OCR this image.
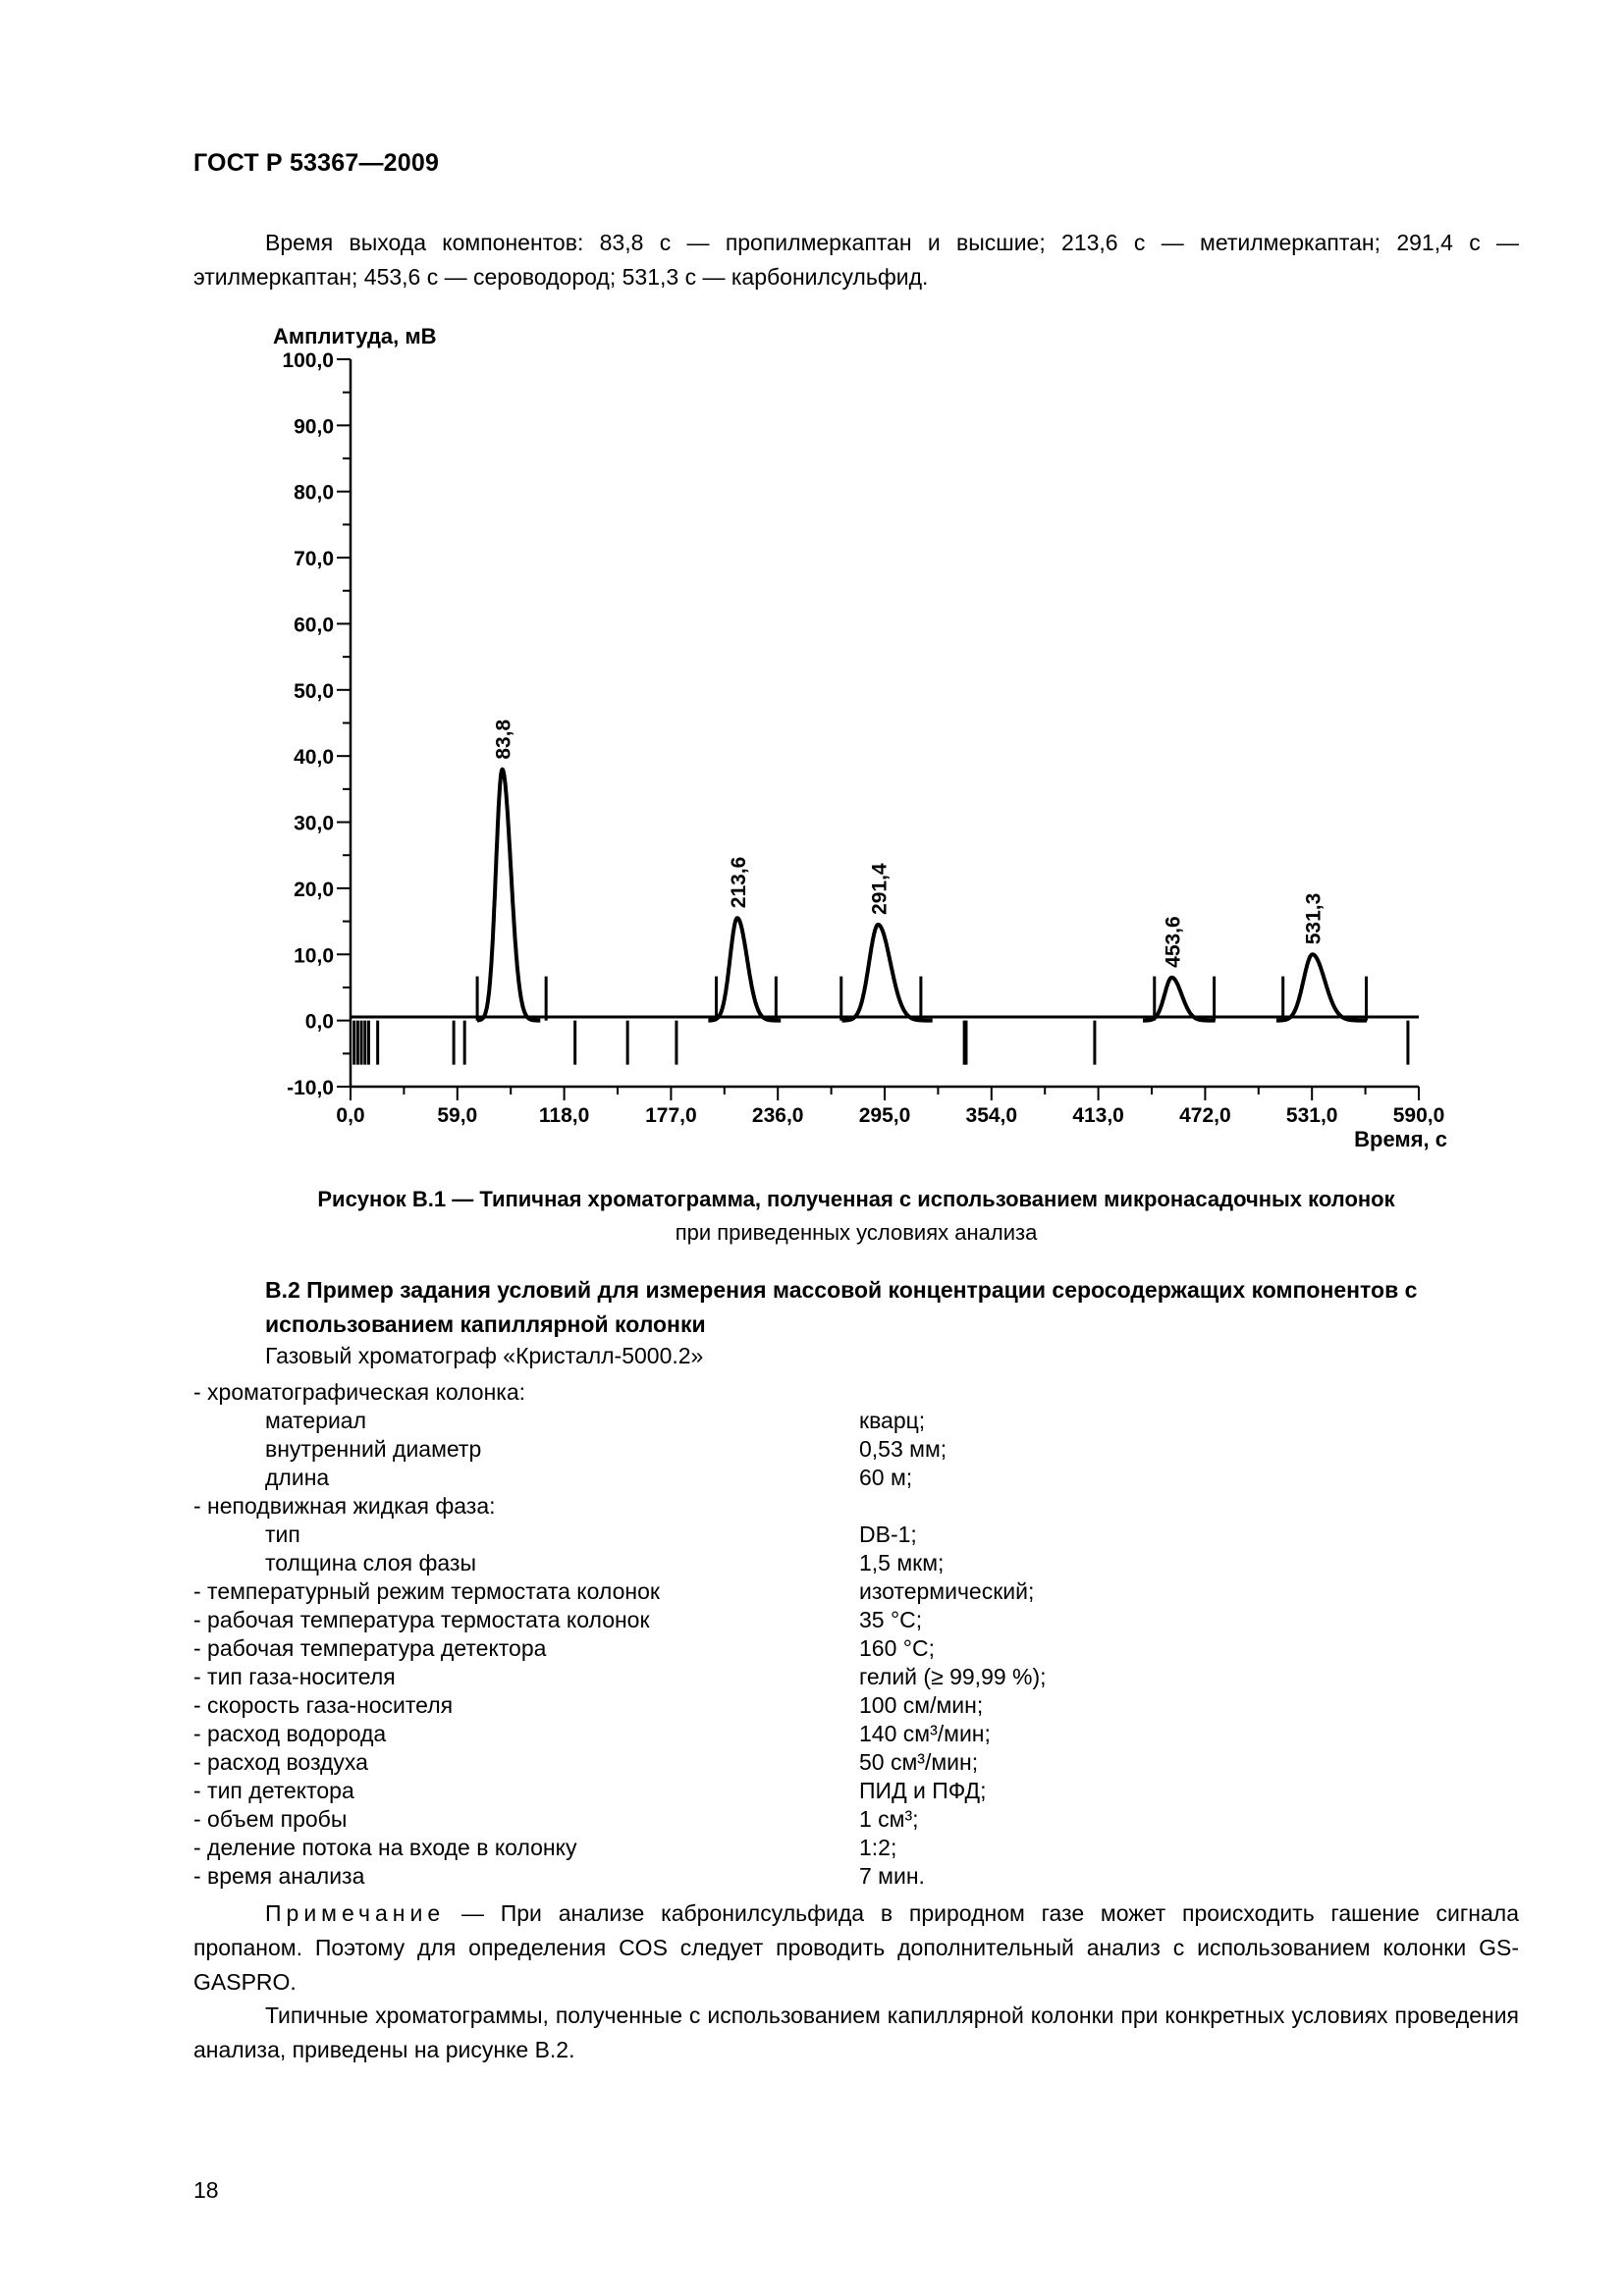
ГОСТ Р 53367—2009
Время выхода компонентов: 83,8 с — пропилмеркаптан и высшие; 213,6 с — метилмеркаптан; 291,4 с — этилмеркаптан; 453,6 с — сероводород; 531,3 с — карбонилсульфид.
Амплитуда, мВ
Время, с
100,0
90,0
80,0
70,0
60,0
50,0
40,0
30,0
20,0
10,0
0,0
-10,0
0,0	59,0	118,0	177,0	236,0	295,0	354,0	413,0	472,0	531,0	590,0
83,8
213,6	291,4
453,6	531,3
Рисунок В.1 — Типичная хроматограмма, полученная с использованием микронасадочных колонок
при приведенных условиях анализа
В.2 Пример задания условий для измерения массовой концентрации серосодержащих компонентов с использованием капиллярной колонки
Газовый хроматограф «Кристалл-5000.2»
- хроматографическая колонка:
материал	кварц;
внутренний диаметр	0,53 мм;
длина	60 м;
- неподвижная жидкая фаза:
тип	DB-1;
толщина слоя фазы	1,5 мкм;
- температурный режим термостата колонок	изотермический;
- рабочая температура термостата колонок	35 °С;
- рабочая температура детектора	160 °С;
- тип газа-носителя	гелий (≥ 99,99 %);
- скорость газа-носителя	100 см/мин;
- расход водорода	140 см³/мин;
- расход воздуха	50 см³/мин;
- тип детектора	ПИД и ПФД;
- объем пробы	1 см³;
- деление потока на входе в колонку	1:2;
- время анализа	7 мин.
Примечание — При анализе кабронилсульфида в природном газе может происходить гашение сигнала пропаном. Поэтому для определения COS следует проводить дополнительный анализ с использованием колонки GS-GASPRO.
Типичные хроматограммы, полученные с использованием капиллярной колонки при конкретных условиях проведения анализа, приведены на рисунке В.2.
18
